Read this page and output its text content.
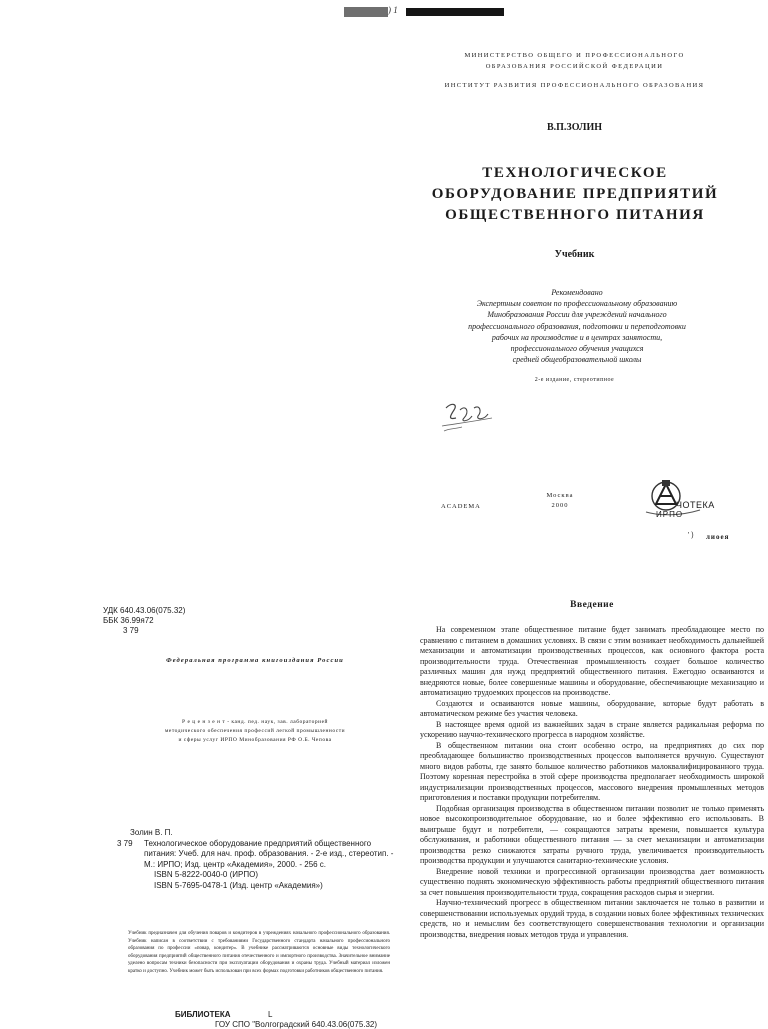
) 1
МИНИСТЕРСТВО ОБЩЕГО И ПРОФЕССИОНАЛЬНОГО
ОБРАЗОВАНИЯ РОССИЙСКОЙ ФЕДЕРАЦИИ
ИНСТИТУТ РАЗВИТИЯ ПРОФЕССИОНАЛЬНОГО ОБРАЗОВАНИЯ
В.П.ЗОЛИН
ТЕХНОЛОГИЧЕСКОЕ
ОБОРУДОВАНИЕ ПРЕДПРИЯТИЙ
ОБЩЕСТВЕННОГО ПИТАНИЯ
Учебник
Рекомендовано
Экспертным советом по профессиональному образованию
Минобразования России для учреждений начального
профессионального образования, подготовки и переподготовки
рабочих на производстве и в центрах занятости,
профессионального обучения учащихся
средней общеобразовательной школы
2-е издание, стереотипное
ACADEMA
Москва
2000	ЧОТЕКА
ИРПО
' ) лиоея
УДК 640.43.06(075.32)
ББК 36.99я72
3 79
Федеральная программа книгоиздания России
Р е ц е н з е н т - канд. пед. наук, зав. лабораторией
методического обеспечения профессий легкой промышленности
и сферы услуг ИРПО Минобразования РФ О.Б. Чепова
Золин В. П.
3 79	Технологическое оборудование предприятий общественного
питания: Учеб. для нач. проф. образования. - 2-е изд., стереотип. -
М.: ИРПО; Изд. центр «Академия», 2000. - 256 с.
ISBN 5-8222-0040-0 (ИРПО)
ISBN 5-7695-0478-1 (Изд. центр «Академия»)
Учебник предназначен для обучения поваров и кондитеров в учреждениях начального профессионального образования. Учебник написан в соответствии с требованиями Государственного стандарта начального профессионального образования по профессии «повар, кондитер». В учебнике рассматриваются основные виды технологического оборудования предприятий общественного питания отечественного и импортного производства. Значительное внимание уделено вопросам техники безопасности при эксплуатации оборудования и охраны труда. Учебный материал изложен кратко и доступно. Учебник может быть использован при всех формах подготовки работников общественного питания.
БИБЛИОТЕКА	L
ГОУ СПО "Волгоградский 640.43.06(075.32)
Введение

На современном этапе общественное питание будет занимать преобладающее место по сравнению с питанием в домашних условиях. В связи с этим возникает необходимость дальнейшей механизации и автоматизации производственных процессов, как основного фактора роста производительности труда. Отечественная промышленность создает большое количество различных машин для нужд предприятий общественного питания. Ежегодно осваиваются и внедряются новые, более совершенные машины и оборудование, обеспечивающие механизацию и автоматизацию трудоемких процессов на производстве.

Создаются и осваиваются новые машины, оборудование, которые будут работать в автоматическом режиме без участия человека.

В настоящее время одной из важнейших задач в стране является радикальная реформа по ускорению научно-технического прогресса в народном хозяйстве.

В общественном питании она стоит особенно остро, на предприятиях до сих пор преобладающее большинство производственных процессов выполняется вручную. Существуют много видов работы, где занято большое количество работников малоквалифицированного труда. Поэтому коренная перестройка в этой сфере производства предполагает необходимость широкой индустриализации производственных процессов, массового внедрения промышленных методов приготовления и поставки продукции потребителям.

Подобная организация производства в общественном питании позволит не только применять новое высокопроизводительное оборудование, но и более эффективно его использовать. В выигрыше будут и потребители, — сокращаются затраты времени, повышается культура обслуживания, и работники общественного питания — за счет механизации и автоматизации производства резко снижаются затраты ручного труда, увеличивается производительность производства продукции и улучшаются санитарно-технические условия.

Внедрение новой техники и прогрессивной организации производства дает возможность существенно поднять экономическую эффективность работы предприятий общественного питания за счет повышения производительности труда, сокращения расходов сырья и энергии.

Научно-технический прогресс в общественном питании заключается не только в развитии и совершенствовании используемых орудий труда, в создании новых более эффективных технических средств, но и немыслим без соответствующего совершенствования технологии и организации производства, внедрения новых методов труда и управления.
